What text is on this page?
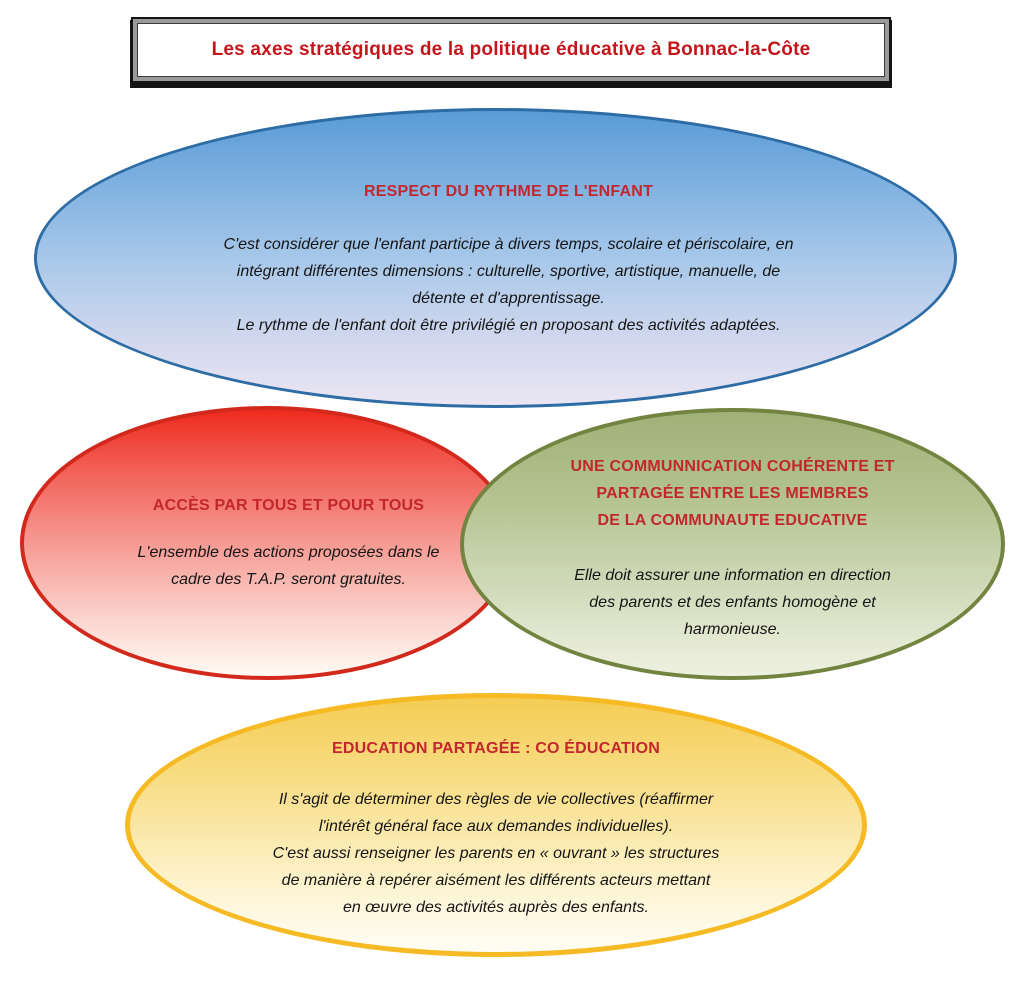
Les axes stratégiques de la politique éducative à Bonnac-la-Côte
RESPECT DU RYTHME DE L'ENFANT
C'est considérer que l'enfant participe à divers temps, scolaire et périscolaire, en
intégrant différentes dimensions : culturelle, sportive, artistique, manuelle, de
détente et d'apprentissage.
Le rythme de l'enfant doit être privilégié en proposant des activités adaptées.
ACCÈS PAR TOUS ET POUR TOUS
L'ensemble des actions proposées dans le
cadre des T.A.P. seront gratuites.
UNE COMMUNNICATION COHÉRENTE ET
PARTAGÉE ENTRE LES MEMBRES
DE LA COMMUNAUTE EDUCATIVE
Elle doit assurer une information en direction
des parents et des enfants homogène et
harmonieuse.
EDUCATION PARTAGÉE : CO ÉDUCATION
Il s'agit de déterminer des règles de vie collectives (réaffirmer
l'intérêt général face aux demandes individuelles).
C'est aussi renseigner les parents en « ouvrant » les structures
de manière à repérer aisément les différents acteurs mettant
en œuvre des activités auprès des enfants.
